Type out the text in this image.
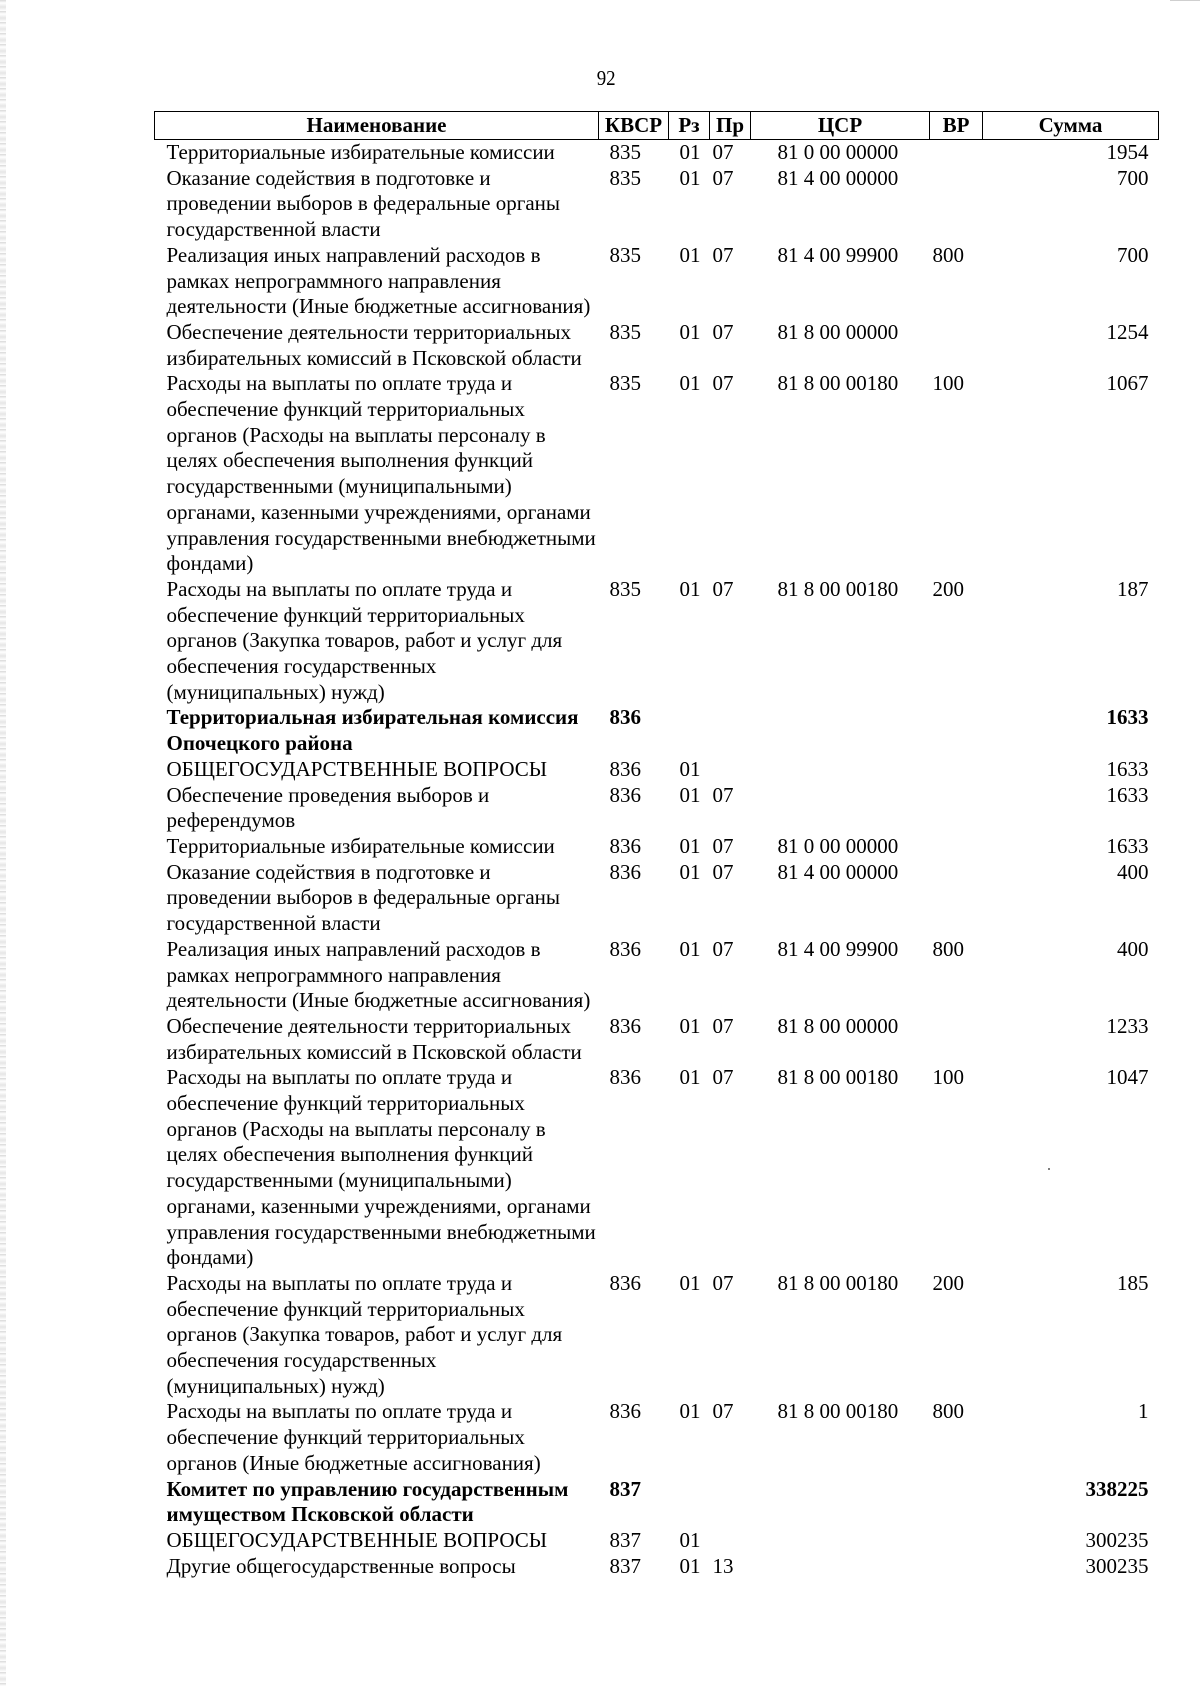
92
Наименование	КВСР	Рз	Пр	ЦСР	ВР	Сумма
Территориальные избирательные комиссии	835	01	07	81 0 00 00000		1954
Оказание содействия в подготовке и проведении выборов в федеральные органы государственной власти	835	01	07	81 4 00 00000		700
Реализация иных направлений расходов в рамках непрограммного направления деятельности (Иные бюджетные ассигнования)	835	01	07	81 4 00 99900	800	700
Обеспечение деятельности территориальных избирательных комиссий в Псковской области	835	01	07	81 8 00 00000		1254
Расходы на выплаты по оплате труда и обеспечение функций территориальных органов (Расходы на выплаты персоналу в целях обеспечения выполнения функций государственными (муниципальными) органами, казенными учреждениями, органами управления государственными внебюджетными фондами)	835	01	07	81 8 00 00180	100	1067
Расходы на выплаты по оплате труда и обеспечение функций территориальных органов (Закупка товаров, работ и услуг для обеспечения государственных (муниципальных) нужд)	835	01	07	81 8 00 00180	200	187
Территориальная избирательная комиссия Опочецкого района	836					1633
ОБЩЕГОСУДАРСТВЕННЫЕ ВОПРОСЫ	836	01				1633
Обеспечение проведения выборов и референдумов	836	01	07			1633
Территориальные избирательные комиссии	836	01	07	81 0 00 00000		1633
Оказание содействия в подготовке и проведении выборов в федеральные органы государственной власти	836	01	07	81 4 00 00000		400
Реализация иных направлений расходов в рамках непрограммного направления деятельности (Иные бюджетные ассигнования)	836	01	07	81 4 00 99900	800	400
Обеспечение деятельности территориальных избирательных комиссий в Псковской области	836	01	07	81 8 00 00000		1233
Расходы на выплаты по оплате труда и обеспечение функций территориальных органов (Расходы на выплаты персоналу в целях обеспечения выполнения функций государственными (муниципальными) органами, казенными учреждениями, органами управления государственными внебюджетными фондами)	836	01	07	81 8 00 00180	100	1047
Расходы на выплаты по оплате труда и обеспечение функций территориальных органов (Закупка товаров, работ и услуг для обеспечения государственных (муниципальных) нужд)	836	01	07	81 8 00 00180	200	185
Расходы на выплаты по оплате труда и обеспечение функций территориальных органов (Иные бюджетные ассигнования)	836	01	07	81 8 00 00180	800	1
Комитет по управлению государственным имуществом Псковской области	837					338225
ОБЩЕГОСУДАРСТВЕННЫЕ ВОПРОСЫ	837	01				300235
Другие общегосударственные вопросы	837	01	13			300235
